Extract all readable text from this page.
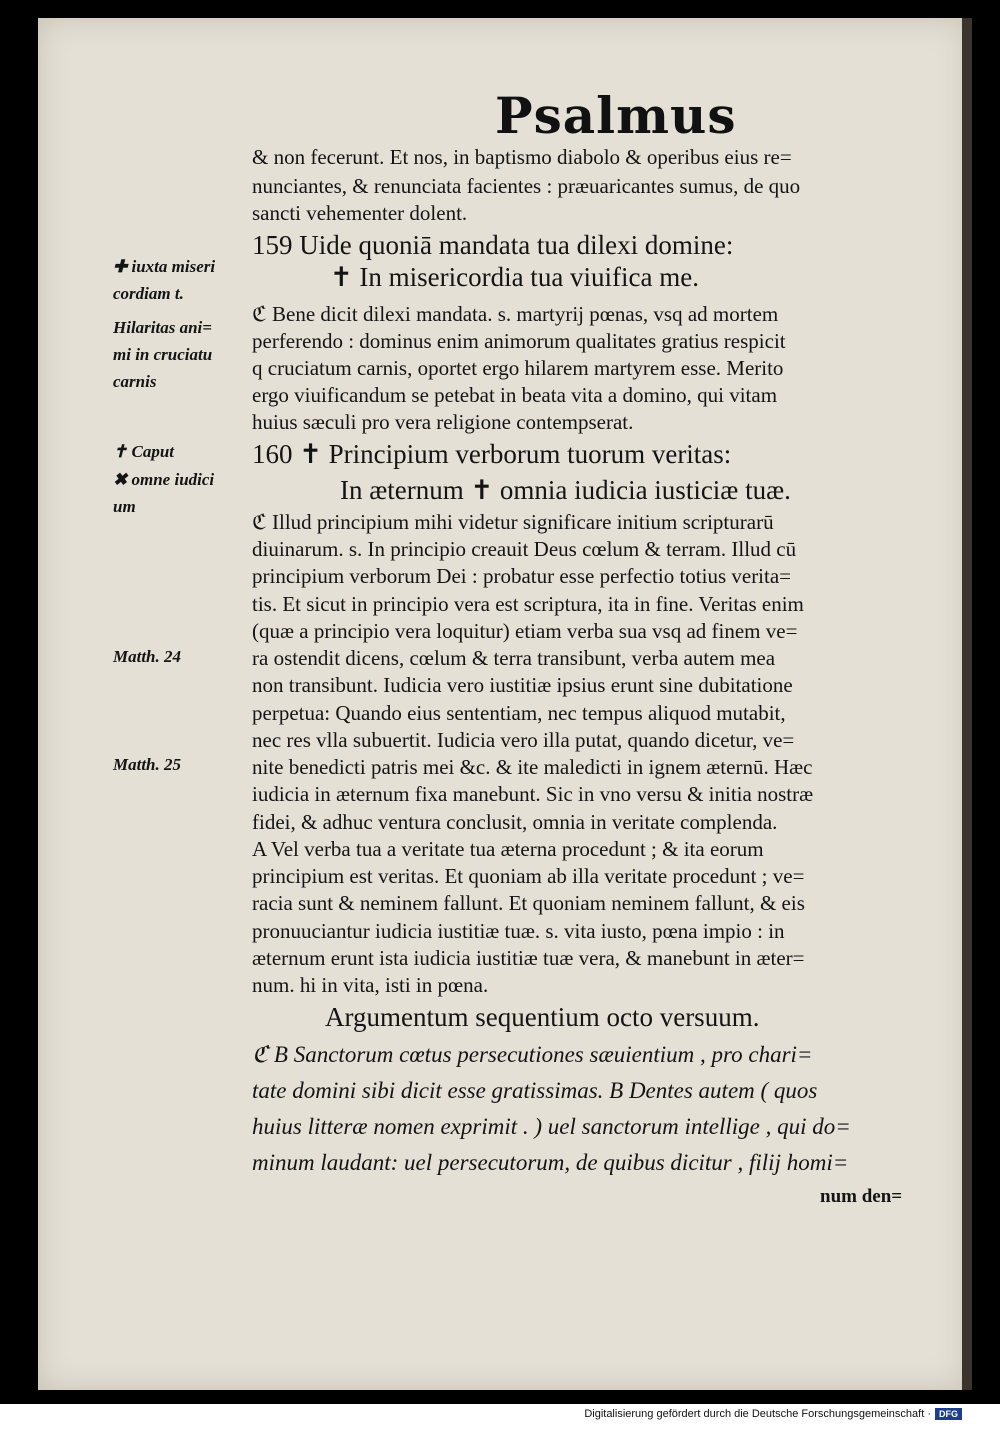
Psalmus
✚ iuxta miseri
cordiam t.
Hilaritas ani=
mi in cruciatu
carnis
✝ Caput
✖ omne iudici
um
Matth. 24
Matth. 25
& non fecerunt. Et nos, in baptismo diabolo & operibus eius re=
nunciantes, & renunciata facientes : præuaricantes sumus, de quo
sancti vehementer dolent.
159 Uide quoniā mandata tua dilexi domine:
✝ In misericordia tua viuifica me.
ℭ Bene dicit dilexi mandata. s. martyrij pœnas, vsq ad mortem
perferendo : dominus enim animorum qualitates gratius respicit
q cruciatum carnis, oportet ergo hilarem martyrem esse. Merito
ergo viuificandum se petebat in beata vita a domino, qui vitam
huius sæculi pro vera religione contempserat.
160 ✝ Principium verborum tuorum veritas:
In æternum ✝ omnia iudicia iusticiæ tuæ.
ℭ Illud principium mihi videtur significare initium scripturarū
diuinarum. s. In principio creauit Deus cœlum & terram. Illud cū
principium verborum Dei : probatur esse perfectio totius verita=
tis. Et sicut in principio vera est scriptura, ita in fine. Veritas enim
(quæ a principio vera loquitur) etiam verba sua vsq ad finem ve=
ra ostendit dicens, cœlum & terra transibunt, verba autem mea
non transibunt. Iudicia vero iustitiæ ipsius erunt sine dubitatione
perpetua: Quando eius sententiam, nec tempus aliquod mutabit,
nec res vlla subuertit. Iudicia vero illa putat, quando dicetur, ve=
nite benedicti patris mei &c. & ite maledicti in ignem æternū. Hæc
iudicia in æternum fixa manebunt. Sic in vno versu & initia nostræ
fidei, & adhuc ventura conclusit, omnia in veritate complenda.
A Vel verba tua a veritate tua æterna procedunt ; & ita eorum
principium est veritas. Et quoniam ab illa veritate procedunt ; ve=
racia sunt & neminem fallunt. Et quoniam neminem fallunt, & eis
pronuuciantur iudicia iustitiæ tuæ. s. vita iusto, pœna impio : in
æternum erunt ista iudicia iustitiæ tuæ vera, & manebunt in æter=
num. hi in vita, isti in pœna.
Argumentum sequentium octo versuum.
ℭ B Sanctorum cœtus persecutiones sæuientium , pro chari=
tate domini sibi dicit esse gratissimas. B Dentes autem ( quos
huius litteræ nomen exprimit . ) uel sanctorum intellige , qui do=
minum laudant: uel persecutorum, de quibus dicitur , filij homi=
num den=
Digitalisierung gefördert durch die Deutsche Forschungsgemeinschaft · DFG
